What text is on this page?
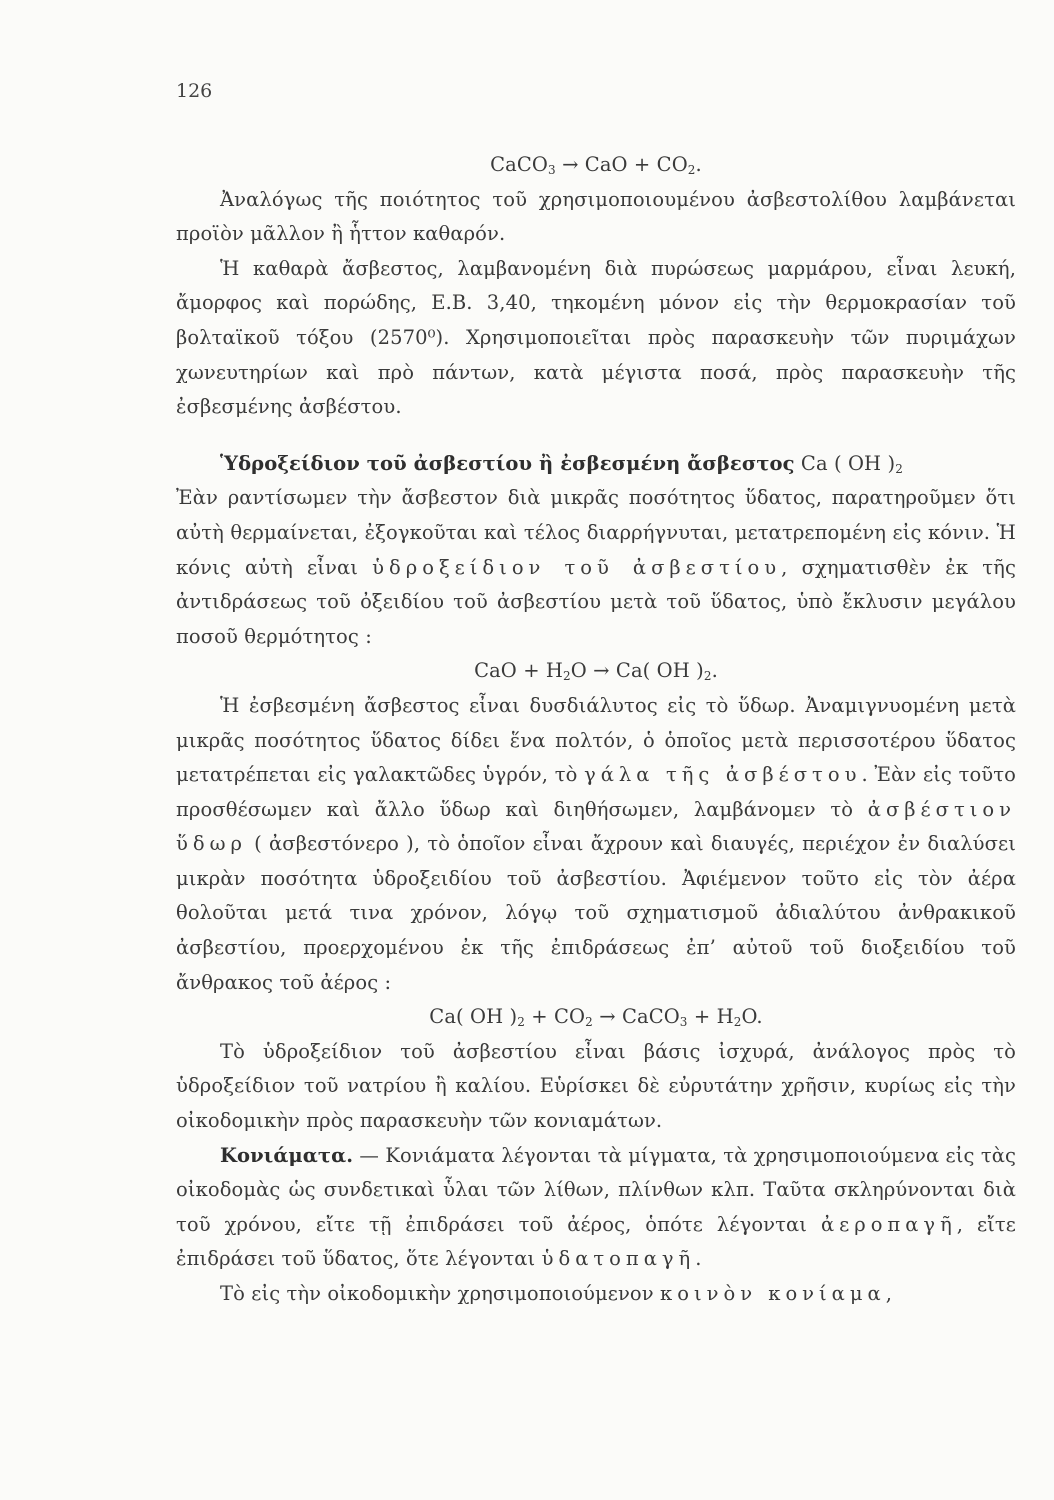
126

CaCO$_3$ → CaO + $CO_2$.

Ἀναλόγως τῆς ποιότητος τοῦ χρησιμοποιουμένου ἀσβεστολίθου λαμβάνεται προϊὸν μᾶλλον ἢ ἧττον καθαρόν.

Ἡ καθαρὰ ἄσβεστος, λαμβανομένη διὰ πυρώσεως μαρμάρου, εἶναι λευκή, ἄμορφος καὶ πορώδης, Ε.Β. 3,40, τηκομένη μόνον εἰς τὴν θερμοκρασίαν τοῦ βολταϊκοῦ τόξου (2570⁰). Χρησιμοποιεῖται πρὸς παρασκευὴν τῶν πυριμάχων χωνευτηρίων καὶ πρὸ πάντων, κατὰ μέγιστα ποσά, πρὸς παρασκευὴν τῆς ἐσβεσμένης ἀσβέστου.

Ὑδροξείδιον τοῦ ἀσβεστίου ἢ ἐσβεσμένη ἄσβεστος Ca ( OH )$_2$
Ἐὰν ραντίσωμεν τὴν ἄσβεστον διὰ μικρᾶς ποσότητος ὕδατος, παρατηροῦμεν ὅτι αὐτὴ θερμαίνεται, ἐξογκοῦται καὶ τέλος διαρρήγνυται, μετατρεπομένη εἰς κόνιν. Ἡ κόνις αὐτὴ εἶναι ὑδροξείδιον τοῦ ἀσβεστίου, σχηματισθὲν ἐκ τῆς ἀντιδράσεως τοῦ ὀξειδίου τοῦ ἀσβεστίου μετὰ τοῦ ὕδατος, ὑπὸ ἔκλυσιν μεγάλου ποσοῦ θερμότητος :

CaO + $H_2O \to Ca$( OH )$_2$.

Ἡ ἐσβεσμένη ἄσβεστος εἶναι δυσδιάλυτος εἰς τὸ ὕδωρ. Ἀναμιγνυομένη μετὰ μικρᾶς ποσότητος ὕδατος δίδει ἕνα πολτόν, ὁ ὁποῖος μετὰ περισσοτέρου ὕδατος μετατρέπεται εἰς γαλακτῶδες ὑγρόν, τὸ γάλα τῆς ἀσβέστου. Ἐὰν εἰς τοῦτο προσθέσωμεν καὶ ἄλλο ὕδωρ καὶ διηθήσωμεν, λαμβάνομεν τὸ ἀσβέστιον ὕδωρ ( ἀσβεστόνερο ), τὸ ὁποῖον εἶναι ἄχρουν καὶ διαυγές, περιέχον ἐν διαλύσει μικρὰν ποσότητα ὑδροξειδίου τοῦ ἀσβεστίου. Ἀφιέμενον τοῦτο εἰς τὸν ἀέρα θολοῦται μετά τινα χρόνον, λόγῳ τοῦ σχηματισμοῦ ἀδιαλύτου ἀνθρακικοῦ ἀσβεστίου, προερχομένου ἐκ τῆς ἐπιδράσεως ἐπ’ αὐτοῦ τοῦ διοξειδίου τοῦ ἄνθρακος τοῦ ἀέρος :

Ca( OH )$_2 + CO_2$ → CaCO$_3$ + $H_2O$.

Τὸ ὑδροξείδιον τοῦ ἀσβεστίου εἶναι βάσις ἰσχυρά, ἀνάλογος πρὸς τὸ ὑδροξείδιον τοῦ νατρίου ἢ καλίου. Εὑρίσκει δὲ εὐρυτάτην χρῆσιν, κυρίως εἰς τὴν οἰκοδομικὴν πρὸς παρασκευὴν τῶν κονιαμάτων.

Κονιάματα. — Κονιάματα λέγονται τὰ μίγματα, τὰ χρησιμοποιούμενα εἰς τὰς οἰκοδομὰς ὡς συνδετικαὶ ὗλαι τῶν λίθων, πλίνθων κλπ. Ταῦτα σκληρύνονται διὰ τοῦ χρόνου, εἴτε τῇ ἐπιδράσει τοῦ ἀέρος, ὁπότε λέγονται ἀεροπαγῆ, εἴτε ἐπιδράσει τοῦ ὕδατος, ὅτε λέγονται ὑδατοπαγῆ.

Τὸ εἰς τὴν οἰκοδομικὴν χρησιμοποιούμενον κοινὸν κονίαμα,
